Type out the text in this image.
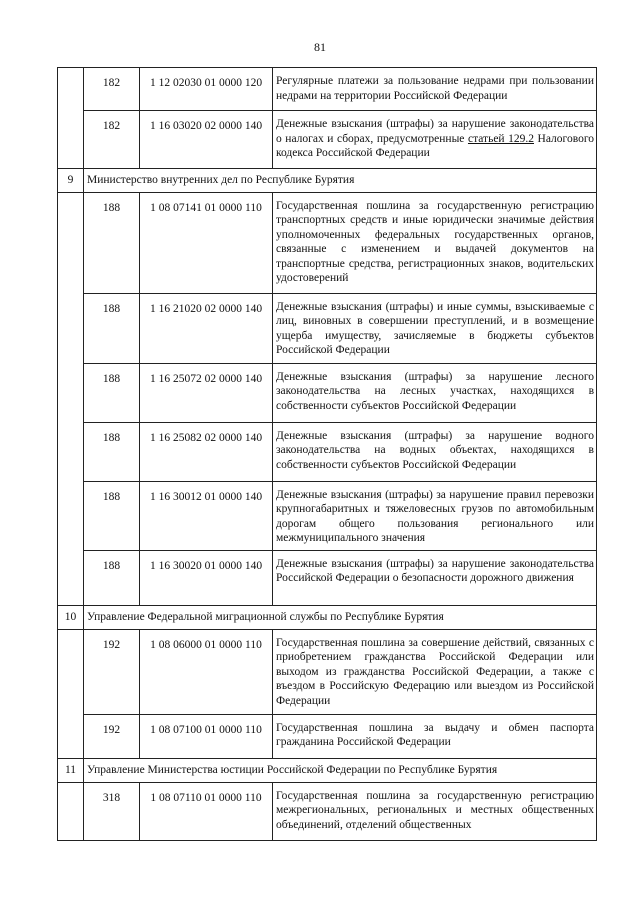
81
	182	1 12 02030 01 0000 120	Регулярные платежи за пользование недрами при пользовании недрами на территории Российской Федерации
	182	1 16 03020 02 0000 140	Денежные взыскания (штрафы) за нарушение законодательства о налогах и сборах, предусмотренные статьей 129.2 Налогового кодекса Российской Федерации
9	Министерство внутренних дел по Республике Бурятия		
	188	1 08 07141 01 0000 110	Государственная пошлина за государственную регистрацию транспортных средств и иные юридически значимые действия уполномоченных федеральных государственных органов, связанные с изменением и выдачей документов на транспортные средства, регистрационных знаков, водительских удостоверений
	188	1 16 21020 02 0000 140	Денежные взыскания (штрафы) и иные суммы, взыскиваемые с лиц, виновных в совершении преступлений, и в возмещение ущерба имуществу, зачисляемые в бюджеты субъектов Российской Федерации
	188	1 16 25072 02 0000 140	Денежные взыскания (штрафы) за нарушение лесного законодательства на лесных участках, находящихся в собственности субъектов Российской Федерации
	188	1 16 25082 02 0000 140	Денежные взыскания (штрафы) за нарушение водного законодательства на водных объектах, находящихся в собственности субъектов Российской Федерации
	188	1 16 30012 01 0000 140	Денежные взыскания (штрафы) за нарушение правил перевозки крупногабаритных и тяжеловесных грузов по автомобильным дорогам общего пользования регионального или межмуниципального значения
	188	1 16 30020 01 0000 140	Денежные взыскания (штрафы) за нарушение законодательства Российской Федерации о безопасности дорожного движения
10	Управление Федеральной миграционной службы по Республике Бурятия		
	192	1 08 06000 01 0000 110	Государственная пошлина за совершение действий, связанных с приобретением гражданства Российской Федерации или выходом из гражданства Российской Федерации, а также с въездом в Российскую Федерацию или выездом из Российской Федерации
	192	1 08 07100 01 0000 110	Государственная пошлина за выдачу и обмен паспорта гражданина Российской Федерации
11	Управление Министерства юстиции Российской Федерации по Республике Бурятия		
	318	1 08 07110 01 0000 110	Государственная пошлина за государственную регистрацию межрегиональных, региональных и местных общественных объединений, отделений общественных
